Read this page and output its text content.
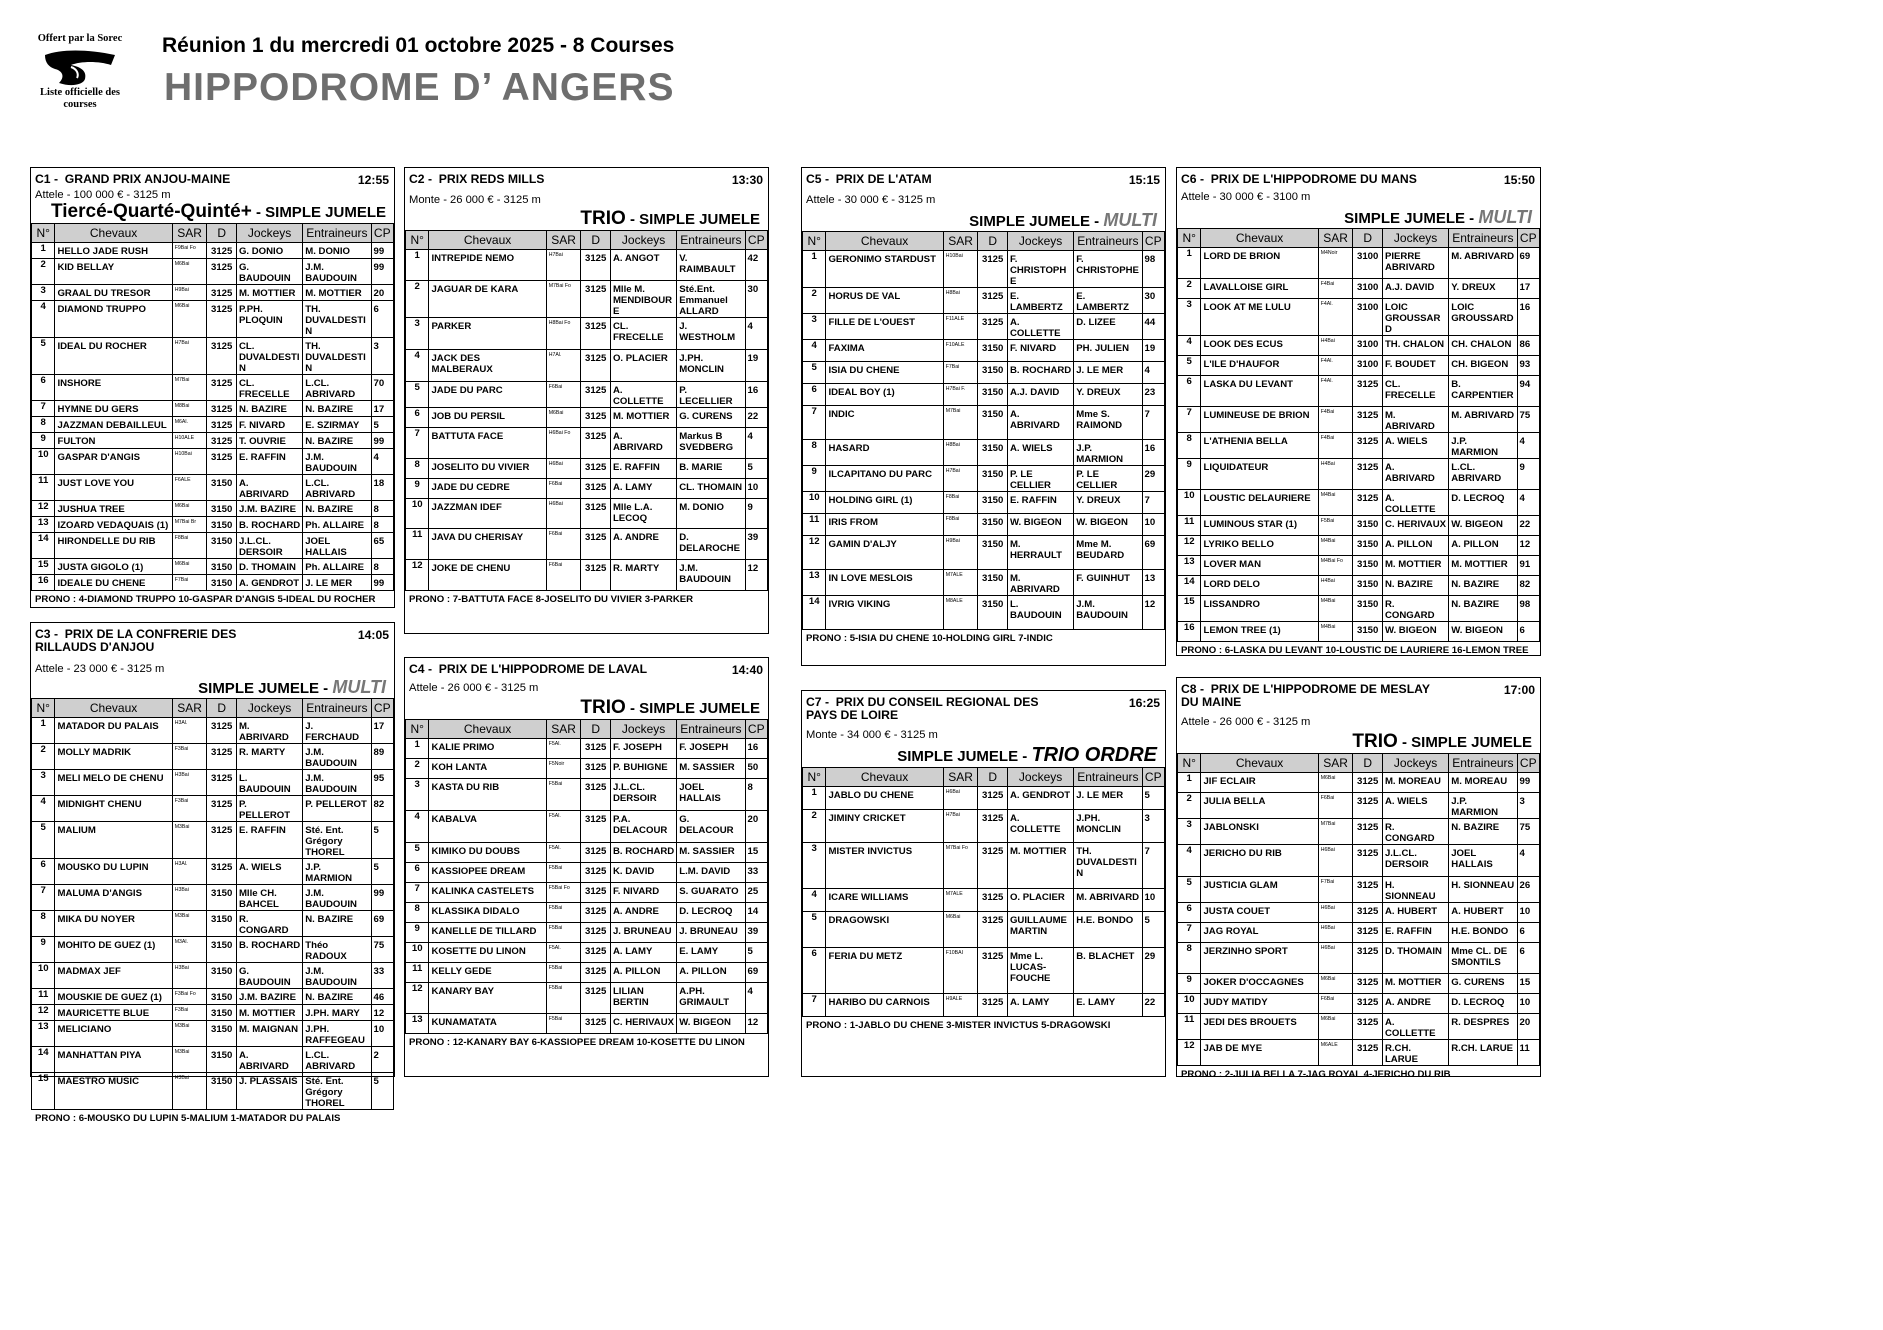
Offert par la Sorec
Liste officielle des courses
Réunion 1 du mercredi 01 octobre 2025 - 8 Courses
HIPPODROME D’ ANGERS
C1 -  GRAND PRIX ANJOU-MAINE	12:55
Attele - 100 000 € - 3125 m
Tiercé-Quarté-Quinté+ - SIMPLE JUMELE
N°	Chevaux	SAR	D	Jockeys	Entraineurs	CP
1	HELLO JADE RUSH	F9Bai Fo	3125	G. DONIO	M. DONIO	99
2	KID BELLAY	M6Bai	3125	G. BAUDOUIN	J.M. BAUDOUIN	99
3	GRAAL DU TRESOR	H9Bai	3125	M. MOTTIER	M. MOTTIER	20
4	DIAMOND TRUPPO	M6Bai	3125	P.PH. PLOQUIN	TH. DUVALDESTI N	6
5	IDEAL DU ROCHER	H7Bai	3125	CL. DUVALDESTI N	TH. DUVALDESTI N	3
6	INSHORE	M7Bai	3125	CL. FRECELLE	L.CL. ABRIVARD	70
7	HYMNE DU GERS	M8Bai	3125	N. BAZIRE	N. BAZIRE	17
8	JAZZMAN DEBAILLEUL	M6Al.	3125	F. NIVARD	E. SZIRMAY	5
9	FULTON	H10ALE	3125	T. OUVRIE	N. BAZIRE	99
10	GASPAR D'ANGIS	H10Bai	3125	E. RAFFIN	J.M. BAUDOUIN	4
11	JUST LOVE YOU	F6ALE	3150	A. ABRIVARD	L.CL. ABRIVARD	18
12	JUSHUA TREE	M6Bai	3150	J.M. BAZIRE	N. BAZIRE	8
13	IZOARD VEDAQUAIS (1)	M7Bai Br	3150	B. ROCHARD	Ph. ALLAIRE	8
14	HIRONDELLE DU RIB	F8Bai	3150	J.L.CL. DERSOIR	JOEL HALLAIS	65
15	JUSTA GIGOLO (1)	M6Bai	3150	D. THOMAIN	Ph. ALLAIRE	8
16	IDEALE DU CHENE	F7Bai	3150	A. GENDROT	J. LE MER	99
PRONO : 4-DIAMOND TRUPPO 10-GASPAR D'ANGIS 5-IDEAL DU ROCHER
C2 -  PRIX REDS MILLS	13:30
Monte - 26 000 € - 3125 m
TRIO - SIMPLE JUMELE
N°	Chevaux	SAR	D	Jockeys	Entraineurs	CP
1	INTREPIDE NEMO	H7Bai	3125	A. ANGOT	V. RAIMBAULT	42
2	JAGUAR DE KARA	M7Bai Fo	3125	Mlle M. MENDIBOURE	Sté.Ent. Emmanuel ALLARD	30
3	PARKER	H8Bai Fo	3125	CL. FRECELLE	J. WESTHOLM	4
4	JACK DES MALBERAUX	H7Al.	3125	O. PLACIER	J.PH. MONCLIN	19
5	JADE DU PARC	F6Bai	3125	A. COLLETTE	P. LECELLIER	16
6	JOB DU PERSIL	M6Bai	3125	M. MOTTIER	G. CURENS	22
7	BATTUTA FACE	H6Bai Fo	3125	A. ABRIVARD	Markus B SVEDBERG	4
8	JOSELITO DU VIVIER	H6Bai	3125	E. RAFFIN	B. MARIE	5
9	JADE DU CEDRE	F6Bai	3125	A. LAMY	CL. THOMAIN	10
10	JAZZMAN IDEF	H6Bai	3125	Mlle L.A. LECOQ	M. DONIO	9
11	JAVA DU CHERISAY	F6Bai	3125	A. ANDRE	D. DELAROCHE	39
12	JOKE DE CHENU	F6Bai	3125	R. MARTY	J.M. BAUDOUIN	12
PRONO : 7-BATTUTA FACE 8-JOSELITO DU VIVIER 3-PARKER
C5 -  PRIX DE L'ATAM	15:15
Attele - 30 000 € - 3125 m
SIMPLE JUMELE - MULTI
N°	Chevaux	SAR	D	Jockeys	Entraineurs	CP
1	GERONIMO STARDUST	H10Bai	3125	F. CHRISTOPHE	F. CHRISTOPHE	98
2	HORUS DE VAL	H8Bai	3125	E. LAMBERTZ	E. LAMBERTZ	30
3	FILLE DE L'OUEST	F11ALE	3125	A. COLLETTE	D. LIZEE	44
4	FAXIMA	F10ALE	3150	F. NIVARD	PH. JULIEN	19
5	ISIA DU CHENE	F7Bai	3150	B. ROCHARD	J. LE MER	4
6	IDEAL BOY (1)	H7Bai F.	3150	A.J. DAVID	Y. DREUX	23
7	INDIC	M7Bai	3150	A. ABRIVARD	Mme S. RAIMOND	7
8	HASARD	H8Bai	3150	A. WIELS	J.P. MARMION	16
9	ILCAPITANO DU PARC	H7Bai	3150	P. LE CELLIER	P. LE CELLIER	29
10	HOLDING GIRL (1)	F8Bai	3150	E. RAFFIN	Y. DREUX	7
11	IRIS FROM	F8Bai	3150	W. BIGEON	W. BIGEON	10
12	GAMIN D'ALJY	H9Bai	3150	M. HERRAULT	Mme M. BEUDARD	69
13	IN LOVE MESLOIS	M7ALE	3150	M. ABRIVARD	F. GUINHUT	13
14	IVRIG VIKING	M8ALE	3150	L. BAUDOUIN	J.M. BAUDOUIN	12
PRONO : 5-ISIA DU CHENE 10-HOLDING GIRL 7-INDIC
C6 -  PRIX DE L'HIPPODROME DU MANS	15:50
Attele - 30 000 € - 3100 m
SIMPLE JUMELE - MULTI
N°	Chevaux	SAR	D	Jockeys	Entraineurs	CP
1	LORD DE BRION	M4Noir	3100	PIERRE ABRIVARD	M. ABRIVARD	69
2	LAVALLOISE GIRL	F4Bai	3100	A.J. DAVID	Y. DREUX	17
3	LOOK AT ME LULU	F4Al.	3100	LOIC GROUSSARD	LOIC GROUSSARD	16
4	LOOK DES ECUS	H4Bai	3100	TH. CHALON	CH. CHALON	86
5	L'ILE D'HAUFOR	F4Al.	3100	F. BOUDET	CH. BIGEON	93
6	LASKA DU LEVANT	F4Al.	3125	CL. FRECELLE	B. CARPENTIER	94
7	LUMINEUSE DE BRION	F4Bai	3125	M. ABRIVARD	M. ABRIVARD	75
8	L'ATHENIA BELLA	F4Bai	3125	A. WIELS	J.P. MARMION	4
9	LIQUIDATEUR	H4Bai	3125	A. ABRIVARD	L.CL. ABRIVARD	9
10	LOUSTIC DELAURIERE	M4Bai	3125	A. COLLETTE	D. LECROQ	4
11	LUMINOUS STAR (1)	F5Bai	3150	C. HERIVAUX	W. BIGEON	22
12	LYRIKO BELLO	M4Bai	3150	A. PILLON	A. PILLON	12
13	LOVER MAN	M4Bai Fo	3150	M. MOTTIER	M. MOTTIER	91
14	LORD DELO	H4Bai	3150	N. BAZIRE	N. BAZIRE	82
15	LISSANDRO	M4Bai	3150	R. CONGARD	N. BAZIRE	98
16	LEMON TREE (1)	M4Bai	3150	W. BIGEON	W. BIGEON	6
PRONO : 6-LASKA DU LEVANT 10-LOUSTIC DE LAURIERE 16-LEMON TREE
C3 -  PRIX DE LA CONFRERIE DES
RILLAUDS D'ANJOU
14:05
Attele - 23 000 € - 3125 m
SIMPLE JUMELE - MULTI
N°	Chevaux	SAR	D	Jockeys	Entraineurs	CP
1	MATADOR DU PALAIS	H3Al.	3125	M. ABRIVARD	J. FERCHAUD	17
2	MOLLY MADRIK	F3Bai	3125	R. MARTY	J.M. BAUDOUIN	89
3	MELI MELO DE CHENU	H3Bai	3125	L. BAUDOUIN	J.M. BAUDOUIN	95
4	MIDNIGHT CHENU	F3Bai	3125	P. PELLEROT	P. PELLEROT	82
5	MALIUM	M3Bai	3125	E. RAFFIN	Sté. Ent. Grégory THOREL	5
6	MOUSKO DU LUPIN	H3Al.	3125	A. WIELS	J.P. MARMION	5
7	MALUMA D'ANGIS	H3Bai	3150	Mlle CH. BAHCEL	J.M. BAUDOUIN	99
8	MIKA DU NOYER	M3Bai	3150	R. CONGARD	N. BAZIRE	69
9	MOHITO DE GUEZ (1)	M3Al.	3150	B. ROCHARD	Théo RADOUX	75
10	MADMAX JEF	H3Bai	3150	G. BAUDOUIN	J.M. BAUDOUIN	33
11	MOUSKIE DE GUEZ (1)	F3Bai Fo	3150	J.M. BAZIRE	N. BAZIRE	46
12	MAURICETTE BLUE	F3Bai	3150	M. MOTTIER	J.PH. MARY	12
13	MELICIANO	M3Bai	3150	M. MAIGNAN	J.PH. RAFFEGEAU	10
14	MANHATTAN PIYA	M3Bai	3150	A. ABRIVARD	L.CL. ABRIVARD	2
15	MAESTRO MUSIC	H3Bai	3150	J. PLASSAIS	Sté. Ent. Grégory THOREL	5
PRONO : 6-MOUSKO DU LUPIN 5-MALIUM 1-MATADOR DU PALAIS
C4 -  PRIX DE L'HIPPODROME DE LAVAL	14:40
Attele - 26 000 € - 3125 m
TRIO - SIMPLE JUMELE
N°	Chevaux	SAR	D	Jockeys	Entraineurs	CP
1	KALIE PRIMO	F5Al.	3125	F. JOSEPH	F. JOSEPH	16
2	KOH LANTA	F5Noir	3125	P. BUHIGNE	M. SASSIER	50
3	KASTA DU RIB	F5Bai	3125	J.L.CL. DERSOIR	JOEL HALLAIS	8
4	KABALVA	F5Al.	3125	P.A. DELACOUR	G. DELACOUR	20
5	KIMIKO DU DOUBS	F5Al.	3125	B. ROCHARD	M. SASSIER	15
6	KASSIOPEE DREAM	F5Bai	3125	K. DAVID	L.M. DAVID	33
7	KALINKA CASTELETS	F5Bai Fo	3125	F. NIVARD	S. GUARATO	25
8	KLASSIKA DIDALO	F5Bai	3125	A. ANDRE	D. LECROQ	14
9	KANELLE DE TILLARD	F5Bai	3125	J. BRUNEAU	J. BRUNEAU	39
10	KOSETTE DU LINON	F5Al.	3125	A. LAMY	E. LAMY	5
11	KELLY GEDE	F5Bai	3125	A. PILLON	A. PILLON	69
12	KANARY BAY	F5Bai	3125	LILIAN BERTIN	A.PH. GRIMAULT	4
13	KUNAMATATA	F5Bai	3125	C. HERIVAUX	W. BIGEON	12
PRONO : 12-KANARY BAY 6-KASSIOPEE DREAM 10-KOSETTE DU LINON
C7 -  PRIX DU CONSEIL REGIONAL DES
PAYS DE LOIRE
16:25
Monte - 34 000 € - 3125 m
SIMPLE JUMELE - TRIO ORDRE
N°	Chevaux	SAR	D	Jockeys	Entraineurs	CP
1	JABLO DU CHENE	H6Bai	3125	A. GENDROT	J. LE MER	5
2	JIMINY CRICKET	H7Bai	3125	A. COLLETTE	J.PH. MONCLIN	3
3	MISTER INVICTUS	M7Bai Fo	3125	M. MOTTIER	TH. DUVALDESTI N	7
4	ICARE WILLIAMS	M7ALE	3125	O. PLACIER	M. ABRIVARD	10
5	DRAGOWSKI	M6Bai	3125	GUILLAUME MARTIN	H.E. BONDO	5
6	FERIA DU METZ	F10BAI	3125	Mme L. LUCAS-FOUCHE	B. BLACHET	29
7	HARIBO DU CARNOIS	H9ALE	3125	A. LAMY	E. LAMY	22
PRONO : 1-JABLO DU CHENE 3-MISTER INVICTUS 5-DRAGOWSKI
C8 -  PRIX DE L'HIPPODROME DE MESLAY
DU MAINE
17:00
Attele - 26 000 € - 3125 m
TRIO - SIMPLE JUMELE
N°	Chevaux	SAR	D	Jockeys	Entraineurs	CP
1	JIF ECLAIR	M6Bai	3125	M. MOREAU	M. MOREAU	99
2	JULIA BELLA	F6Bai	3125	A. WIELS	J.P. MARMION	3
3	JABLONSKI	M7Bai	3125	R. CONGARD	N. BAZIRE	75
4	JERICHO DU RIB	H6Bai	3125	J.L.CL. DERSOIR	JOEL HALLAIS	4
5	JUSTICIA GLAM	F7Bai	3125	H. SIONNEAU	H. SIONNEAU	26
6	JUSTA COUET	H6Bai	3125	A. HUBERT	A. HUBERT	10
7	JAG ROYAL	H6Bai	3125	E. RAFFIN	H.E. BONDO	6
8	JERZINHO SPORT	H6Bai	3125	D. THOMAIN	Mme CL. DE SMONTILS	6
9	JOKER D'OCCAGNES	M6Bai	3125	M. MOTTIER	G. CURENS	15
10	JUDY MATIDY	F6Bai	3125	A. ANDRE	D. LECROQ	10
11	JEDI DES BROUETS	M6Bai	3125	A. COLLETTE	R. DESPRES	20
12	JAB DE MYE	M6ALE	3125	R.CH. LARUE	R.CH. LARUE	11
PRONO : 2-JULIA BELLA 7-JAG ROYAL 4-JERICHO DU RIB
